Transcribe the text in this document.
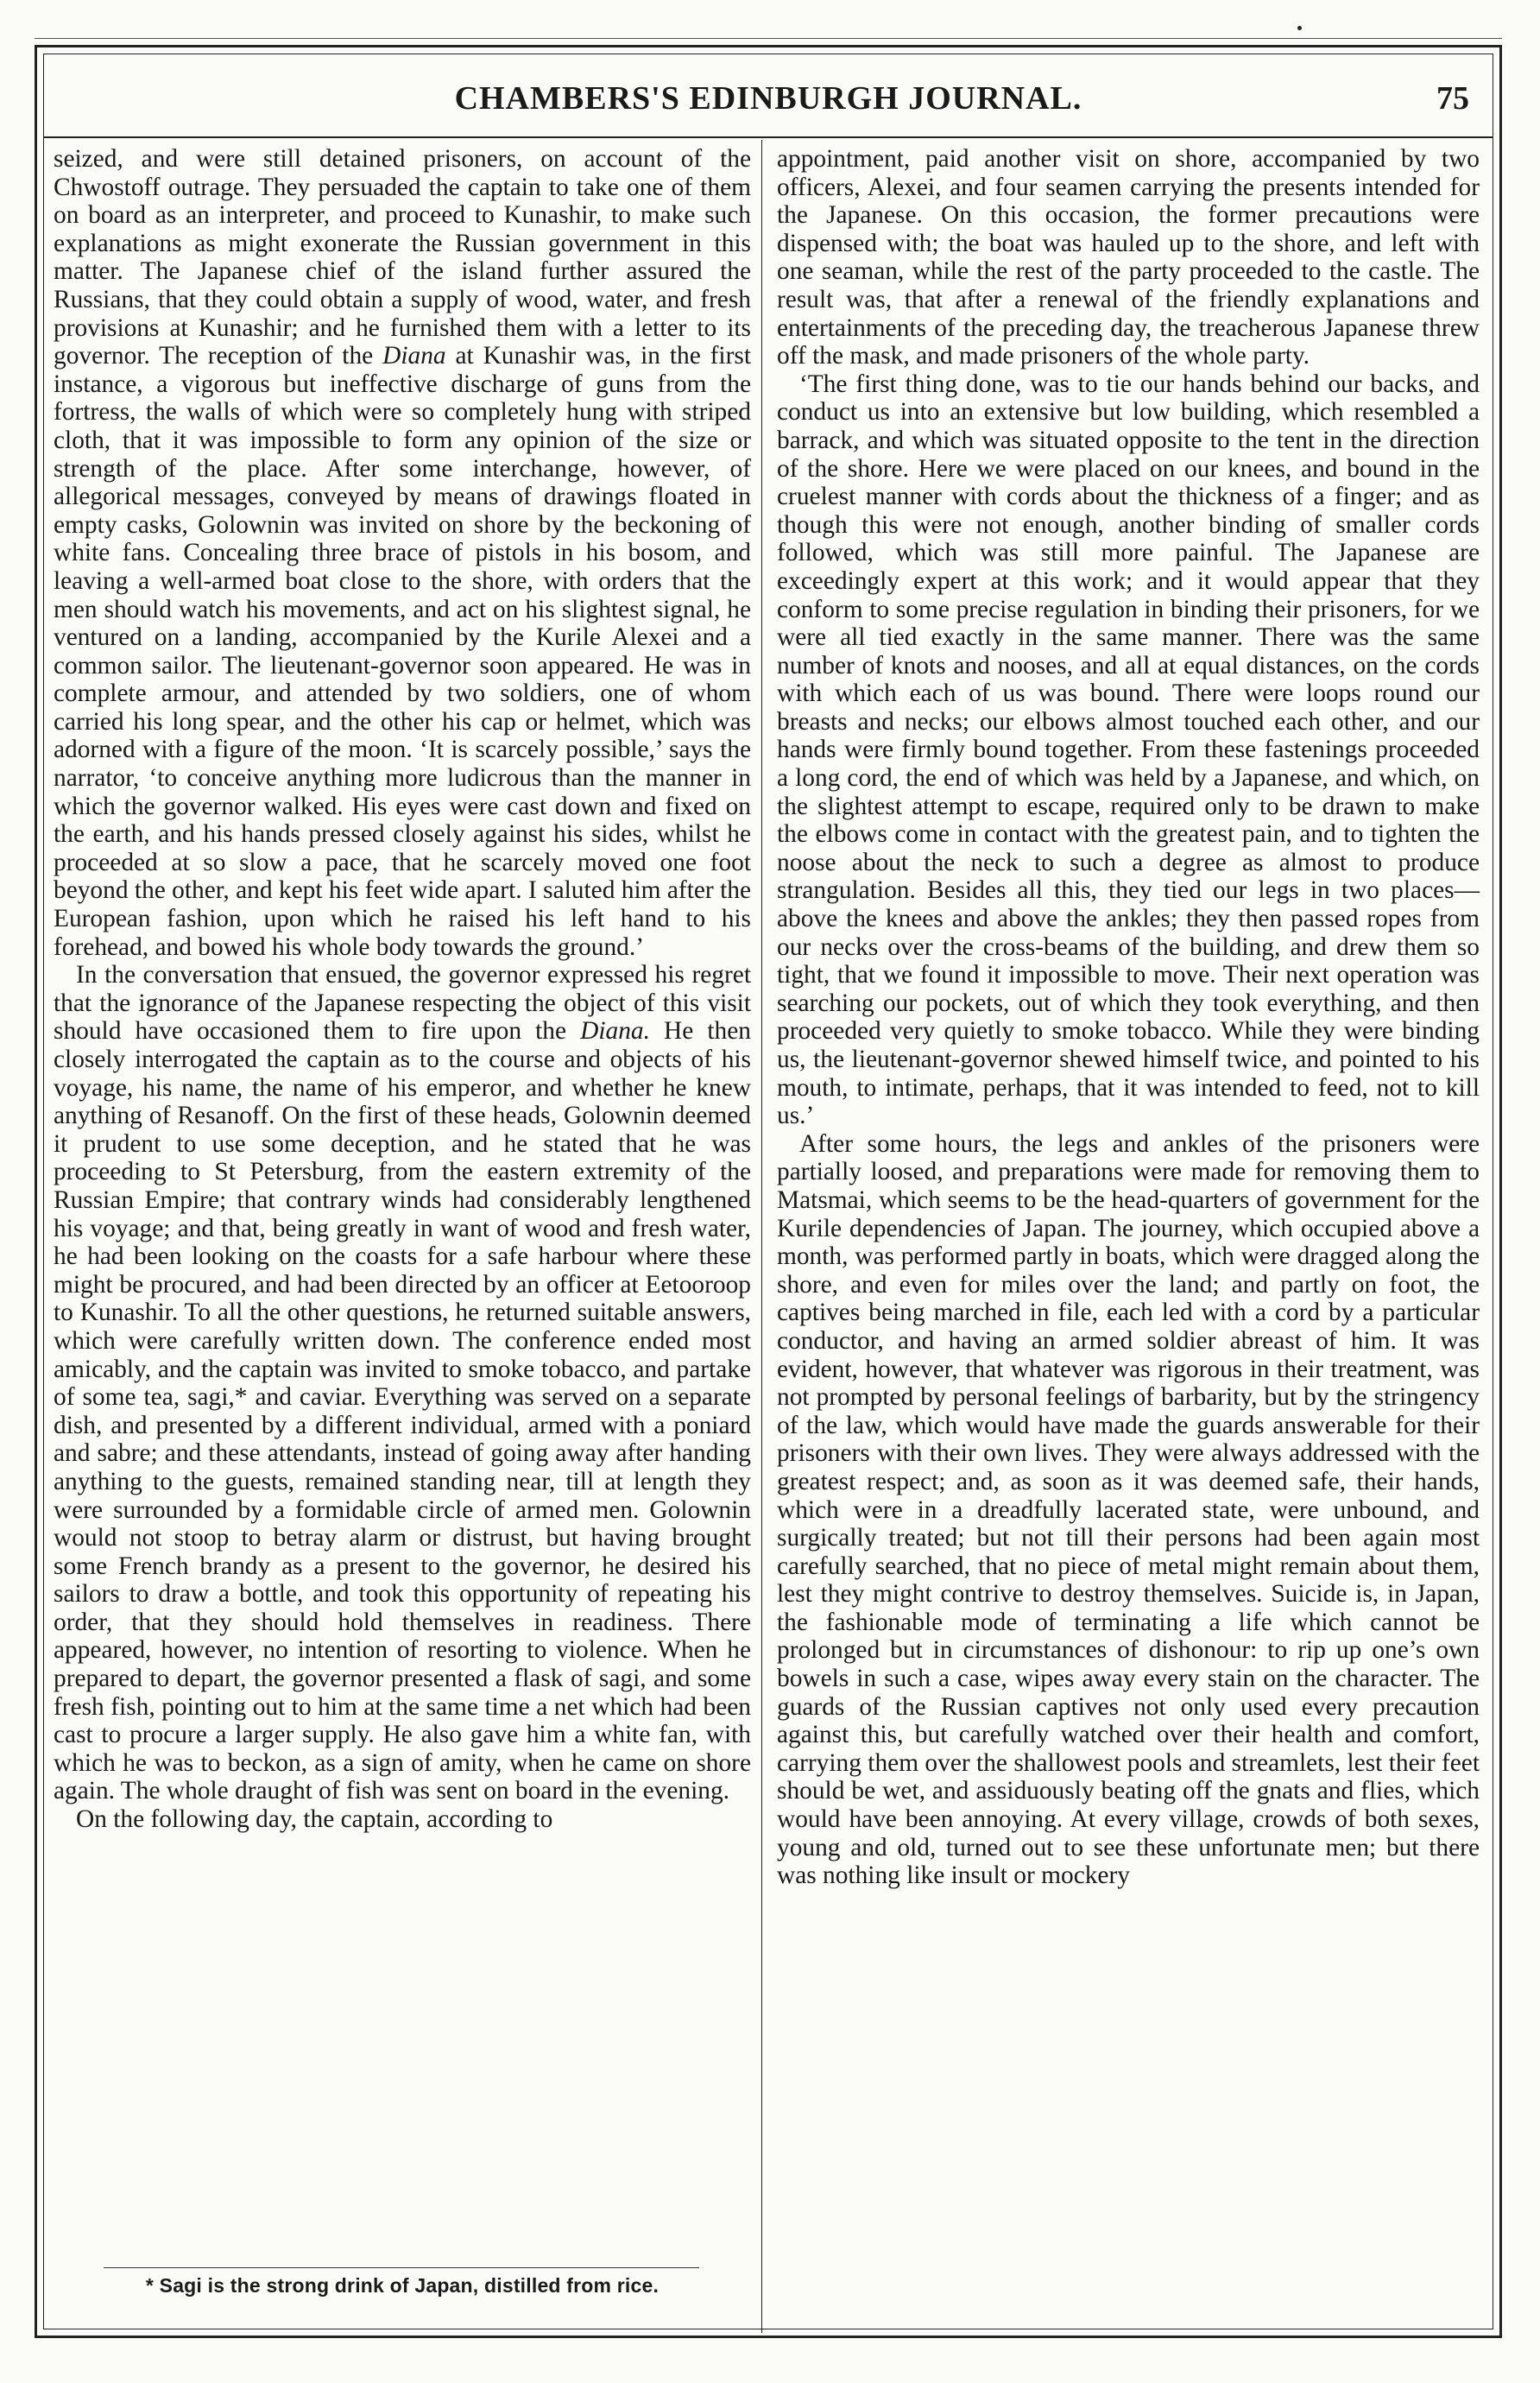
CHAMBERS'S EDINBURGH JOURNAL.	75

seized, and were still detained prisoners, on account of the Chwostoff outrage. They persuaded the captain to take one of them on board as an interpreter, and proceed to Kunashir, to make such explanations as might exonerate the Russian government in this matter. The Japanese chief of the island further assured the Russians, that they could obtain a supply of wood, water, and fresh provisions at Kunashir; and he furnished them with a letter to its governor. The reception of the Diana at Kunashir was, in the first instance, a vigorous but ineffective discharge of guns from the fortress, the walls of which were so completely hung with striped cloth, that it was impossible to form any opinion of the size or strength of the place. After some interchange, however, of allegorical messages, conveyed by means of drawings floated in empty casks, Golownin was invited on shore by the beckoning of white fans. Concealing three brace of pistols in his bosom, and leaving a well-armed boat close to the shore, with orders that the men should watch his movements, and act on his slightest signal, he ventured on a landing, accompanied by the Kurile Alexei and a common sailor. The lieutenant-governor soon appeared. He was in complete armour, and attended by two soldiers, one of whom carried his long spear, and the other his cap or helmet, which was adorned with a figure of the moon. ‘It is scarcely possible,’ says the narrator, ‘to conceive anything more ludicrous than the manner in which the governor walked. His eyes were cast down and fixed on the earth, and his hands pressed closely against his sides, whilst he proceeded at so slow a pace, that he scarcely moved one foot beyond the other, and kept his feet wide apart. I saluted him after the European fashion, upon which he raised his left hand to his forehead, and bowed his whole body towards the ground.’

In the conversation that ensued, the governor expressed his regret that the ignorance of the Japanese respecting the object of this visit should have occasioned them to fire upon the Diana. He then closely interrogated the captain as to the course and objects of his voyage, his name, the name of his emperor, and whether he knew anything of Resanoff. On the first of these heads, Golownin deemed it prudent to use some deception, and he stated that he was proceeding to St Petersburg, from the eastern extremity of the Russian Empire; that contrary winds had considerably lengthened his voyage; and that, being greatly in want of wood and fresh water, he had been looking on the coasts for a safe harbour where these might be procured, and had been directed by an officer at Eetooroop to Kunashir. To all the other questions, he returned suitable answers, which were carefully written down. The conference ended most amicably, and the captain was invited to smoke tobacco, and partake of some tea, sagi,* and caviar. Everything was served on a separate dish, and presented by a different individual, armed with a poniard and sabre; and these attendants, instead of going away after handing anything to the guests, remained standing near, till at length they were surrounded by a formidable circle of armed men. Golownin would not stoop to betray alarm or distrust, but having brought some French brandy as a present to the governor, he desired his sailors to draw a bottle, and took this opportunity of repeating his order, that they should hold themselves in readiness. There appeared, however, no intention of resorting to violence. When he prepared to depart, the governor presented a flask of sagi, and some fresh fish, pointing out to him at the same time a net which had been cast to procure a larger supply. He also gave him a white fan, with which he was to beckon, as a sign of amity, when he came on shore again. The whole draught of fish was sent on board in the evening.

On the following day, the captain, according to

* Sagi is the strong drink of Japan, distilled from rice.

appointment, paid another visit on shore, accompanied by two officers, Alexei, and four seamen carrying the presents intended for the Japanese. On this occasion, the former precautions were dispensed with; the boat was hauled up to the shore, and left with one seaman, while the rest of the party proceeded to the castle. The result was, that after a renewal of the friendly explanations and entertainments of the preceding day, the treacherous Japanese threw off the mask, and made prisoners of the whole party.

‘The first thing done, was to tie our hands behind our backs, and conduct us into an extensive but low building, which resembled a barrack, and which was situated opposite to the tent in the direction of the shore. Here we were placed on our knees, and bound in the cruelest manner with cords about the thickness of a finger; and as though this were not enough, another binding of smaller cords followed, which was still more painful. The Japanese are exceedingly expert at this work; and it would appear that they conform to some precise regulation in binding their prisoners, for we were all tied exactly in the same manner. There was the same number of knots and nooses, and all at equal distances, on the cords with which each of us was bound. There were loops round our breasts and necks; our elbows almost touched each other, and our hands were firmly bound together. From these fastenings proceeded a long cord, the end of which was held by a Japanese, and which, on the slightest attempt to escape, required only to be drawn to make the elbows come in contact with the greatest pain, and to tighten the noose about the neck to such a degree as almost to produce strangulation. Besides all this, they tied our legs in two places—above the knees and above the ankles; they then passed ropes from our necks over the cross-beams of the building, and drew them so tight, that we found it impossible to move. Their next operation was searching our pockets, out of which they took everything, and then proceeded very quietly to smoke tobacco. While they were binding us, the lieutenant-governor shewed himself twice, and pointed to his mouth, to intimate, perhaps, that it was intended to feed, not to kill us.’

After some hours, the legs and ankles of the prisoners were partially loosed, and preparations were made for removing them to Matsmai, which seems to be the head-quarters of government for the Kurile dependencies of Japan. The journey, which occupied above a month, was performed partly in boats, which were dragged along the shore, and even for miles over the land; and partly on foot, the captives being marched in file, each led with a cord by a particular conductor, and having an armed soldier abreast of him. It was evident, however, that whatever was rigorous in their treatment, was not prompted by personal feelings of barbarity, but by the stringency of the law, which would have made the guards answerable for their prisoners with their own lives. They were always addressed with the greatest respect; and, as soon as it was deemed safe, their hands, which were in a dreadfully lacerated state, were unbound, and surgically treated; but not till their persons had been again most carefully searched, that no piece of metal might remain about them, lest they might contrive to destroy themselves. Suicide is, in Japan, the fashionable mode of terminating a life which cannot be prolonged but in circumstances of dishonour: to rip up one’s own bowels in such a case, wipes away every stain on the character. The guards of the Russian captives not only used every precaution against this, but carefully watched over their health and comfort, carrying them over the shallowest pools and streamlets, lest their feet should be wet, and assiduously beating off the gnats and flies, which would have been annoying. At every village, crowds of both sexes, young and old, turned out to see these unfortunate men; but there was nothing like insult or mockery
